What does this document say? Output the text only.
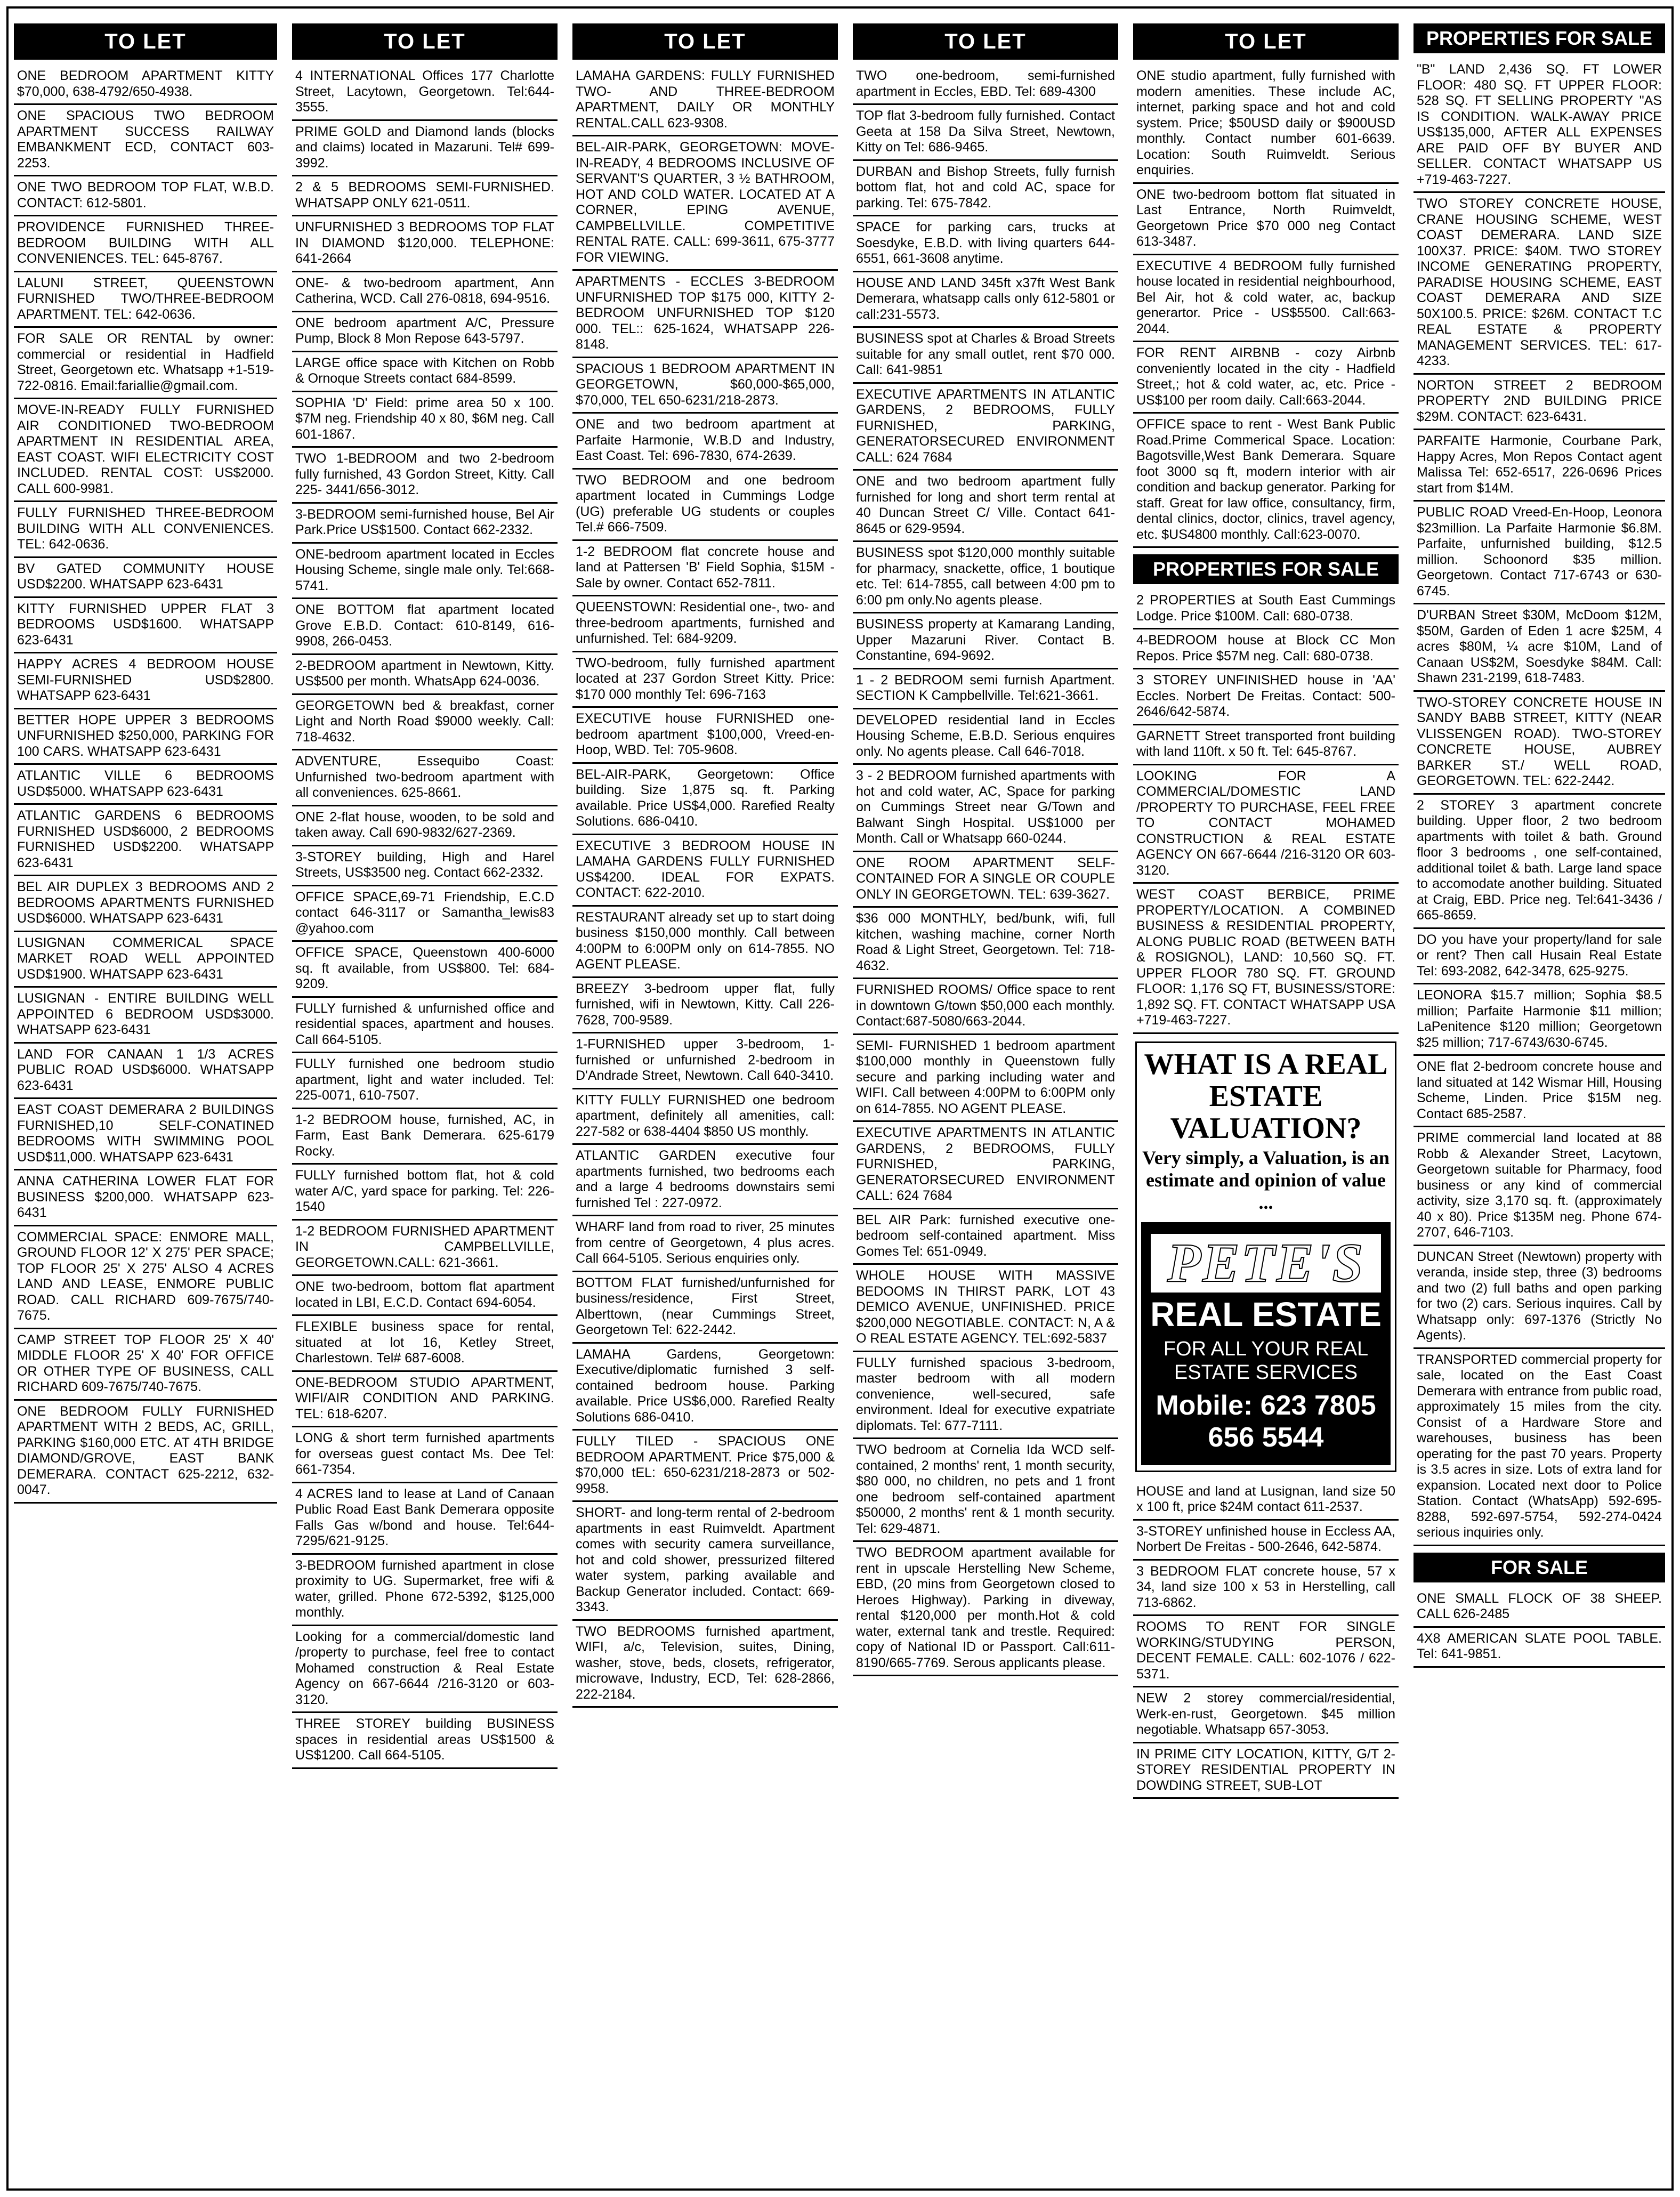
TO LET
ONE BEDROOM APARTMENT KITTY $70,000, 638-4792/650-4938.
ONE SPACIOUS TWO BEDROOM APARTMENT SUCCESS RAILWAY EMBANKMENT ECD, CONTACT 603-2253.
ONE TWO BEDROOM TOP FLAT, W.B.D. CONTACT: 612-5801.
PROVIDENCE FURNISHED THREE-BEDROOM BUILDING WITH ALL CONVENIENCES. TEL: 645-8767.
LALUNI STREET, QUEENSTOWN FURNISHED TWO/THREE-BEDROOM APARTMENT. TEL: 642-0636.
FOR SALE OR RENTAL by owner: commercial or residential in Hadfield Street, Georgetown etc. Whatsapp +1-519-722-0816. Email:fariallie@gmail.com.
MOVE-IN-READY FULLY FURNISHED AIR CONDITIONED TWO-BEDROOM APARTMENT IN RESIDENTIAL AREA, EAST COAST. WIFI ELECTRICITY COST INCLUDED. RENTAL COST: US$2000. CALL 600-9981.
FULLY FURNISHED THREE-BEDROOM BUILDING WITH ALL CONVENIENCES. TEL: 642-0636.
BV GATED COMMUNITY HOUSE USD$2200. WHATSAPP 623-6431
KITTY FURNISHED UPPER FLAT 3 BEDROOMS USD$1600. WHATSAPP 623-6431
HAPPY ACRES 4 BEDROOM HOUSE SEMI-FURNISHED USD$2800. WHATSAPP 623-6431
BETTER HOPE UPPER 3 BEDROOMS UNFURNISHED $250,000, PARKING FOR 100 CARS. WHATSAPP 623-6431
ATLANTIC VILLE 6 BEDROOMS USD$5000. WHATSAPP 623-6431
ATLANTIC GARDENS 6 BEDROOMS FURNISHED USD$6000, 2 BEDROOMS FURNISHED USD$2200. WHATSAPP 623-6431
BEL AIR DUPLEX 3 BEDROOMS AND 2 BEDROOMS APARTMENTS FURNISHED USD$6000. WHATSAPP 623-6431
LUSIGNAN COMMERICAL SPACE MARKET ROAD WELL APPOINTED USD$1900. WHATSAPP 623-6431
LUSIGNAN - ENTIRE BUILDING WELL APPOINTED 6 BEDROOM USD$3000. WHATSAPP 623-6431
LAND FOR CANAAN 1 1/3 ACRES PUBLIC ROAD USD$6000. WHATSAPP 623-6431
EAST COAST DEMERARA 2 BUILDINGS FURNISHED,10 SELF-CONATINED BEDROOMS WITH SWIMMING POOL USD$11,000. WHATSAPP 623-6431
ANNA CATHERINA LOWER FLAT FOR BUSINESS $200,000. WHATSAPP 623-6431
COMMERCIAL SPACE: ENMORE MALL, GROUND FLOOR 12' X 275' PER SPACE; TOP FLOOR 25' X 275' ALSO 4 ACRES LAND AND LEASE, ENMORE PUBLIC ROAD. CALL RICHARD 609-7675/740-7675.
CAMP STREET TOP FLOOR 25' X 40' MIDDLE FLOOR 25' X 40' FOR OFFICE OR OTHER TYPE OF BUSINESS, CALL RICHARD 609-7675/740-7675.
ONE BEDROOM FULLY FURNISHED APARTMENT WITH 2 BEDS, AC, GRILL, PARKING $160,000 ETC. AT 4TH BRIDGE DIAMOND/GROVE, EAST BANK DEMERARA. CONTACT 625-2212, 632-0047.
TO LET
4 INTERNATIONAL Offices 177 Charlotte Street, Lacytown, Georgetown. Tel:644-3555.
PRIME GOLD and Diamond lands (blocks and claims) located in Mazaruni. Tel# 699-3992.
2 & 5 BEDROOMS SEMI-FURNISHED. WHATSAPP ONLY 621-0511.
UNFURNISHED 3 BEDROOMS TOP FLAT IN DIAMOND $120,000. TELEPHONE: 641-2664
ONE- & two-bedroom apartment, Ann Catherina, WCD. Call 276-0818, 694-9516.
ONE bedroom apartment A/C, Pressure Pump, Block 8 Mon Repose 643-5797.
LARGE office space with Kitchen on Robb & Ornoque Streets contact 684-8599.
SOPHIA 'D' Field: prime area 50 x 100. $7M neg. Friendship 40 x 80, $6M neg. Call 601-1867.
TWO 1-BEDROOM and two 2-bedroom fully furnished, 43 Gordon Street, Kitty. Call 225- 3441/656-3012.
3-BEDROOM semi-furnished house, Bel Air Park.Price US$1500. Contact 662-2332.
ONE-bedroom apartment located in Eccles Housing Scheme, single male only. Tel:668-5741.
ONE BOTTOM flat apartment located Grove E.B.D. Contact: 610-8149, 616-9908, 266-0453.
2-BEDROOM apartment in Newtown, Kitty. US$500 per month. WhatsApp 624-0036.
GEORGETOWN bed & breakfast, corner Light and North Road $9000 weekly. Call: 718-4632.
ADVENTURE, Essequibo Coast: Unfurnished two-bedroom apartment with all conveniences. 625-8661.
ONE 2-flat house, wooden, to be sold and taken away. Call 690-9832/627-2369.
3-STOREY building, High and Harel Streets, US$3500 neg. Contact 662-2332.
OFFICE SPACE,69-71 Friendship, E.C.D contact 646-3117 or Samantha_lewis83 @yahoo.com
OFFICE SPACE, Queenstown 400-6000 sq. ft available, from US$800. Tel: 684-9209.
FULLY furnished & unfurnished office and residential spaces, apartment and houses. Call 664-5105.
FULLY furnished one bedroom studio apartment, light and water included. Tel: 225-0071, 610-7507.
1-2 BEDROOM house, furnished, AC, in Farm, East Bank Demerara. 625-6179 Rocky.
FULLY furnished bottom flat, hot & cold water A/C, yard space for parking. Tel: 226-1540
1-2 BEDROOM FURNISHED APARTMENT IN CAMPBELLVILLE, GEORGETOWN.CALL: 621-3661.
ONE two-bedroom, bottom flat apartment located in LBI, E.C.D. Contact 694-6054.
FLEXIBLE business space for rental, situated at lot 16, Ketley Street, Charlestown. Tel# 687-6008.
ONE-BEDROOM STUDIO APARTMENT, WIFI/AIR CONDITION AND PARKING. TEL: 618-6207.
LONG & short term furnished apartments for overseas guest contact Ms. Dee Tel: 661-7354.
4 ACRES land to lease at Land of Canaan Public Road East Bank Demerara opposite Falls Gas w/bond and house. Tel:644-7295/621-9125.
3-BEDROOM furnished apartment in close proximity to UG. Supermarket, free wifi & water, grilled. Phone 672-5392, $125,000 monthly.
Looking for a commercial/domestic land /property to purchase, feel free to contact Mohamed construction & Real Estate Agency on 667-6644 /216-3120 or 603-3120.
THREE STOREY building BUSINESS spaces in residential areas US$1500 & US$1200. Call 664-5105.
TO LET
LAMAHA GARDENS: FULLY FURNISHED TWO- AND THREE-BEDROOM APARTMENT, DAILY OR MONTHLY RENTAL.CALL 623-9308.
BEL-AIR-PARK, GEORGETOWN: MOVE-IN-READY, 4 BEDROOMS INCLUSIVE OF SERVANT'S QUARTER, 3 ½ BATHROOM, HOT AND COLD WATER. LOCATED AT A CORNER, EPING AVENUE, CAMPBELLVILLE. COMPETITIVE RENTAL RATE. CALL: 699-3611, 675-3777 FOR VIEWING.
APARTMENTS - ECCLES 3-BEDROOM UNFURNISHED TOP $175 000, KITTY 2-BEDROOM UNFURNISHED TOP $120 000. TEL:: 625-1624, WHATSAPP 226-8148.
SPACIOUS 1 BEDROOM APARTMENT IN GEORGETOWN, $60,000-$65,000, $70,000, TEL 650-6231/218-2873.
ONE and two bedroom apartment at Parfaite Harmonie, W.B.D and Industry, East Coast. Tel: 696-7830, 674-2639.
TWO BEDROOM and one bedroom apartment located in Cummings Lodge (UG) preferable UG students or couples Tel.# 666-7509.
1-2 BEDROOM flat concrete house and land at Pattersen 'B' Field Sophia, $15M - Sale by owner. Contact 652-7811.
QUEENSTOWN: Residential one-, two- and three-bedroom apartments, furnished and unfurnished. Tel: 684-9209.
TWO-bedroom, fully furnished apartment located at 237 Gordon Street Kitty. Price: $170 000 monthly Tel: 696-7163
EXECUTIVE house FURNISHED one-bedroom apartment $100,000, Vreed-en-Hoop, WBD. Tel: 705-9608.
BEL-AIR-PARK, Georgetown: Office building. Size 1,875 sq. ft. Parking available. Price US$4,000. Rarefied Realty Solutions. 686-0410.
EXECUTIVE 3 BEDROOM HOUSE IN LAMAHA GARDENS FULLY FURNISHED US$4200. IDEAL FOR EXPATS. CONTACT: 622-2010.
RESTAURANT already set up to start doing business $150,000 monthly. Call between 4:00PM to 6:00PM only on 614-7855. NO AGENT PLEASE.
BREEZY 3-bedroom upper flat, fully furnished, wifi in Newtown, Kitty. Call 226-7628, 700-9589.
1-FURNISHED upper 3-bedroom, 1-furnished or unfurnished 2-bedroom in D'Andrade Street, Newtown. Call 640-3410.
KITTY FULLY FURNISHED one bedroom apartment, definitely all amenities, call: 227-582 or 638-4404 $850 US monthly.
ATLANTIC GARDEN executive four apartments furnished, two bedrooms each and a large 4 bedrooms downstairs semi furnished Tel : 227-0972.
WHARF land from road to river, 25 minutes from centre of Georgetown, 4 plus acres. Call 664-5105. Serious enquiries only.
BOTTOM FLAT furnished/unfurnished for business/residence, First Street, Alberttown, (near Cummings Street, Georgetown Tel: 622-2442.
LAMAHA Gardens, Georgetown: Executive/diplomatic furnished 3 self-contained bedroom house. Parking available. Price US$6,000. Rarefied Realty Solutions 686-0410.
FULLY TILED - SPACIOUS ONE BEDROOM APARTMENT. Price $75,000 & $70,000 tEL: 650-6231/218-2873 or 502-9958.
SHORT- and long-term rental of 2-bedroom apartments in east Ruimveldt. Apartment comes with security camera surveillance, hot and cold shower, pressurized filtered water system, parking available and Backup Generator included. Contact: 669-3343.
TWO BEDROOMS furnished apartment, WIFI, a/c, Television, suites, Dining, washer, stove, beds, closets, refrigerator, microwave, Industry, ECD, Tel: 628-2866, 222-2184.
TO LET
TWO one-bedroom, semi-furnished apartment in Eccles, EBD. Tel: 689-4300
TOP flat 3-bedroom fully furnished. Contact Geeta at 158 Da Silva Street, Newtown, Kitty on Tel: 686-9465.
DURBAN and Bishop Streets, fully furnish bottom flat, hot and cold AC, space for parking. Tel: 675-7842.
SPACE for parking cars, trucks at Soesdyke, E.B.D. with living quarters 644-6551, 661-3608 anytime.
HOUSE AND LAND 345ft x37ft West Bank Demerara, whatsapp calls only 612-5801 or call:231-5573.
BUSINESS spot at Charles & Broad Streets suitable for any small outlet, rent $70 000. Call: 641-9851
EXECUTIVE APARTMENTS IN ATLANTIC GARDENS, 2 BEDROOMS, FULLY FURNISHED, PARKING, GENERATORSECURED ENVIRONMENT CALL: 624 7684
ONE and two bedroom apartment fully furnished for long and short term rental at 40 Duncan Street C/ Ville. Contact 641-8645 or 629-9594.
BUSINESS spot $120,000 monthly suitable for pharmacy, snackette, office, 1 boutique etc. Tel: 614-7855, call between 4:00 pm to 6:00 pm only.No agents please.
BUSINESS property at Kamarang Landing, Upper Mazaruni River. Contact B. Constantine, 694-9692.
1 - 2 BEDROOM semi furnish Apartment. SECTION K Campbellville. Tel:621-3661.
DEVELOPED residential land in Eccles Housing Scheme, E.B.D. Serious enquires only. No agents please. Call 646-7018.
3 - 2 BEDROOM furnished apartments with hot and cold water, AC, Space for parking on Cummings Street near G/Town and Balwant Singh Hospital. US$1000 per Month. Call or Whatsapp 660-0244.
ONE ROOM APARTMENT SELF-CONTAINED FOR A SINGLE OR COUPLE ONLY IN GEORGETOWN. TEL: 639-3627.
$36 000 MONTHLY, bed/bunk, wifi, full kitchen, washing machine, corner North Road & Light Street, Georgetown. Tel: 718-4632.
FURNISHED ROOMS/ Office space to rent in downtown G/town $50,000 each monthly. Contact:687-5080/663-2044.
SEMI- FURNISHED 1 bedroom apartment $100,000 monthly in Queenstown fully secure and parking including water and WIFI. Call between 4:00PM to 6:00PM only on 614-7855. NO AGENT PLEASE.
EXECUTIVE APARTMENTS IN ATLANTIC GARDENS, 2 BEDROOMS, FULLY FURNISHED, PARKING, GENERATORSECURED ENVIRONMENT CALL: 624 7684
BEL AIR Park: furnished executive one-bedroom self-contained apartment. Miss Gomes Tel: 651-0949.
WHOLE HOUSE WITH MASSIVE BEDOOMS IN THIRST PARK, LOT 43 DEMICO AVENUE, UNFINISHED. PRICE $200,000 NEGOTIABLE. CONTACT: N, A & O REAL ESTATE AGENCY. TEL:692-5837
FULLY furnished spacious 3-bedroom, master bedroom with all modern convenience, well-secured, safe environment. Ideal for executive expatriate diplomats. Tel: 677-7111.
TWO bedroom at Cornelia Ida WCD self-contained, 2 months' rent, 1 month security, $80 000, no children, no pets and 1 front one bedroom self-contained apartment $50000, 2 months' rent & 1 month security. Tel: 629-4871.
TWO BEDROOM apartment available for rent in upscale Herstelling New Scheme, EBD, (20 mins from Georgetown closed to Heroes Highway). Parking in diveway, rental $120,000 per month.Hot & cold water, external tank and trestle. Required: copy of National ID or Passport. Call:611-8190/665-7769. Serous applicants please.
TO LET
ONE studio apartment, fully furnished with modern amenities. These include AC, internet, parking space and hot and cold system. Price; $50USD daily or $900USD monthly. Contact number 601-6639. Location: South Ruimveldt. Serious enquiries.
ONE two-bedroom bottom flat situated in Last Entrance, North Ruimveldt, Georgetown Price $70 000 neg Contact 613-3487.
EXECUTIVE 4 BEDROOM fully furnished house located in residential neighbourhood, Bel Air, hot & cold water, ac, backup generartor. Price - US$5500. Call:663-2044.
FOR RENT AIRBNB - cozy Airbnb conveniently located in the city - Hadfield Street,; hot & cold water, ac, etc. Price - US$100 per room daily. Call:663-2044.
OFFICE space to rent - West Bank Public Road.Prime Commerical Space. Location: Bagotsville,West Bank Demerara. Square foot 3000 sq ft, modern interior with air condition and backup generator. Parking for staff. Great for law office, consultancy, firm, dental clinics, doctor, clinics, travel agency, etc. $US4800 monthly. Call:623-0070.
PROPERTIES FOR SALE
2 PROPERTIES at South East Cummings Lodge. Price $100M. Call: 680-0738.
4-BEDROOM house at Block CC Mon Repos. Price $57M neg. Call: 680-0738.
3 STOREY UNFINISHED house in 'AA' Eccles. Norbert De Freitas. Contact: 500-2646/642-5874.
GARNETT Street transported front building with land 110ft. x 50 ft. Tel: 645-8767.
LOOKING FOR A COMMERCIAL/DOMESTIC LAND /PROPERTY TO PURCHASE, FEEL FREE TO CONTACT MOHAMED CONSTRUCTION & REAL ESTATE AGENCY ON 667-6644 /216-3120 OR 603-3120.
WEST COAST BERBICE, PRIME PROPERTY/LOCATION. A COMBINED BUSINESS & RESIDENTIAL PROPERTY, ALONG PUBLIC ROAD (BETWEEN BATH & ROSIGNOL), LAND: 10,560 SQ. FT. UPPER FLOOR 780 SQ. FT. GROUND FLOOR: 1,176 SQ FT, BUSINESS/STORE: 1,892 SQ. FT. CONTACT WHATSAPP USA +719-463-7227.
WHAT IS A REAL ESTATE VALUATION?
Very simply, a Valuation, is an estimate and opinion of value ...
PETE'S
REAL ESTATE
FOR ALL YOUR REAL ESTATE SERVICES
Mobile: 623 7805 656 5544
HOUSE and land at Lusignan, land size 50 x 100 ft, price $24M contact 611-2537.
3-STOREY unfinished house in Eccless AA, Norbert De Freitas - 500-2646, 642-5874.
3 BEDROOM FLAT concrete house, 57 x 34, land size 100 x 53 in Herstelling, call 713-6862.
ROOMS TO RENT FOR SINGLE WORKING/STUDYING PERSON, DECENT FEMALE. CALL: 602-1076 / 622-5371.
NEW 2 storey commercial/residential, Werk-en-rust, Georgetown. $45 million negotiable. Whatsapp 657-3053.
IN PRIME CITY LOCATION, KITTY, G/T 2-STOREY RESIDENTIAL PROPERTY IN DOWDING STREET, SUB-LOT
PROPERTIES FOR SALE
"B" LAND 2,436 SQ. FT LOWER FLOOR: 480 SQ. FT UPPER FLOOR: 528 SQ. FT SELLING PROPERTY "AS IS CONDITION. WALK-AWAY PRICE US$135,000, AFTER ALL EXPENSES ARE PAID OFF BY BUYER AND SELLER. CONTACT WHATSAPP US +719-463-7227.
TWO STOREY CONCRETE HOUSE, CRANE HOUSING SCHEME, WEST COAST DEMERARA. LAND SIZE 100X37. PRICE: $40M. TWO STOREY INCOME GENERATING PROPERTY, PARADISE HOUSING SCHEME, EAST COAST DEMERARA AND SIZE 50X100.5. PRICE: $26M. CONTACT T.C REAL ESTATE & PROPERTY MANAGEMENT SERVICES. TEL: 617-4233.
NORTON STREET 2 BEDROOM PROPERTY 2ND BUILDING PRICE $29M. CONTACT: 623-6431.
PARFAITE Harmonie, Courbane Park, Happy Acres, Mon Repos Contact agent Malissa Tel: 652-6517, 226-0696 Prices start from $14M.
PUBLIC ROAD Vreed-En-Hoop, Leonora $23million. La Parfaite Harmonie $6.8M. Parfaite, unfurnished building, $12.5 million. Schoonord $35 million. Georgetown. Contact 717-6743 or 630-6745.
D'URBAN Street $30M, McDoom $12M, $50M, Garden of Eden 1 acre $25M, 4 acres $80M, ¼ acre $10M, Land of Canaan US$2M, Soesdyke $84M. Call: Shawn 231-2199, 618-7483.
TWO-STOREY CONCRETE HOUSE IN SANDY BABB STREET, KITTY (NEAR VLISSENGEN ROAD). TWO-STOREY CONCRETE HOUSE, AUBREY BARKER ST./ WELL ROAD, GEORGETOWN. TEL: 622-2442.
2 STOREY 3 apartment concrete building. Upper floor, 2 two bedroom apartments with toilet & bath. Ground floor 3 bedrooms , one self-contained, additional toilet & bath. Large land space to accomodate another building. Situated at Craig, EBD. Price neg. Tel:641-3436 / 665-8659.
DO you have your property/land for sale or rent? Then call Husain Real Estate Tel: 693-2082, 642-3478, 625-9275.
LEONORA $15.7 million; Sophia $8.5 million; Parfaite Harmonie $11 million; LaPenitence $120 million; Georgetown $25 million; 717-6743/630-6745.
ONE flat 2-bedroom concrete house and land situated at 142 Wismar Hill, Housing Scheme, Linden. Price $15M neg. Contact 685-2587.
PRIME commercial land located at 88 Robb & Alexander Street, Lacytown, Georgetown suitable for Pharmacy, food business or any kind of commercial activity, size 3,170 sq. ft. (approximately 40 x 80). Price $135M neg. Phone 674-2707, 646-7103.
DUNCAN Street (Newtown) property with veranda, inside step, three (3) bedrooms and two (2) full baths and open parking for two (2) cars. Serious inquires. Call by Whatsapp only: 697-1376 (Strictly No Agents).
TRANSPORTED commercial property for sale, located on the East Coast Demerara with entrance from public road, approximately 15 miles from the city. Consist of a Hardware Store and warehouses, business has been operating for the past 70 years. Property is 3.5 acres in size. Lots of extra land for expansion. Located next door to Police Station. Contact (WhatsApp) 592-695-8288, 592-697-5754, 592-274-0424 serious inquiries only.
FOR SALE
ONE SMALL FLOCK OF 38 SHEEP. CALL 626-2485
4X8 AMERICAN SLATE POOL TABLE. Tel: 641-9851.
